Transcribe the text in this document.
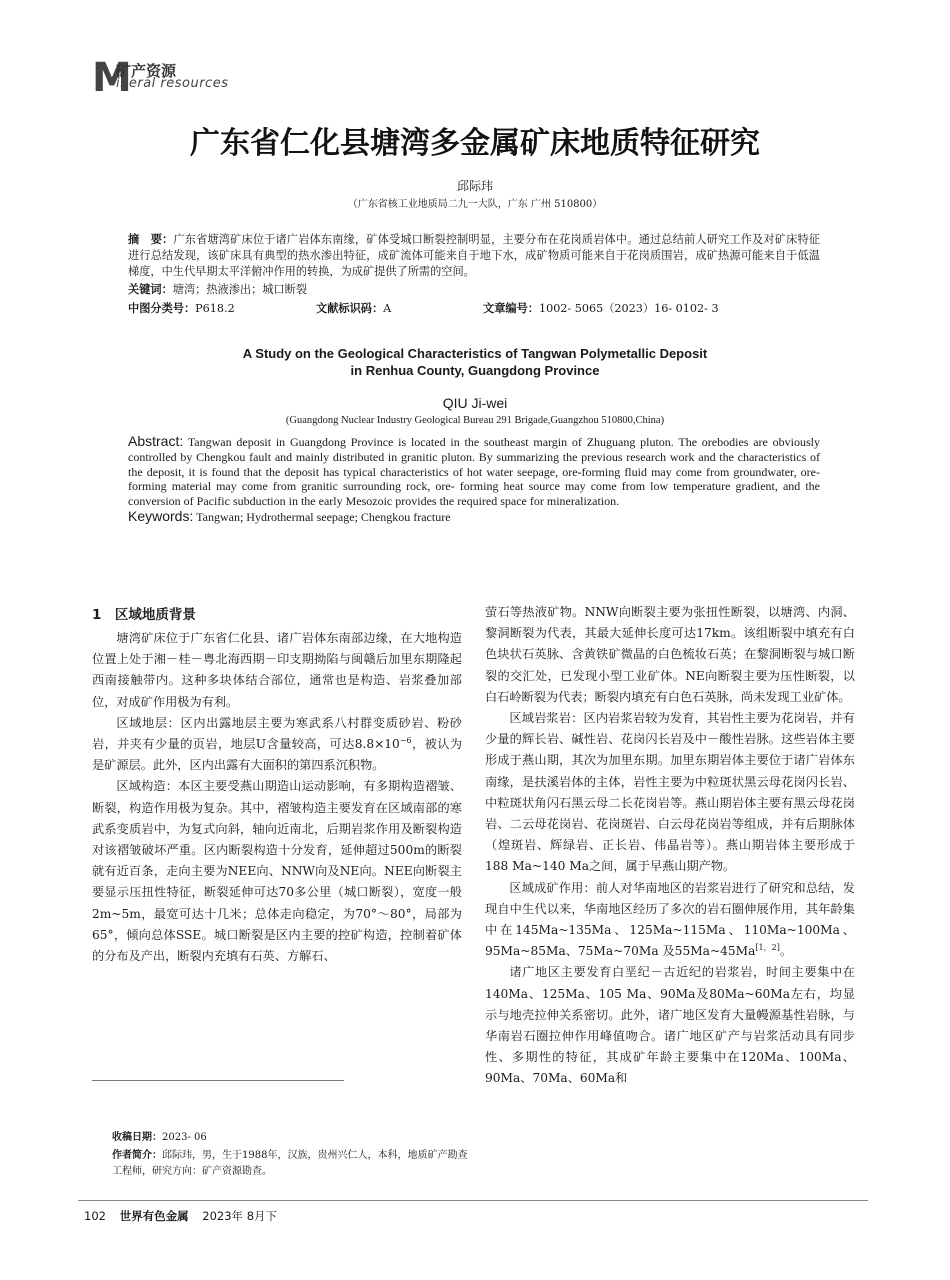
M
矿产资源
ineral resources
广东省仁化县塘湾多金属矿床地质特征研究
邱际玮
（广东省核工业地质局二九一大队，广东 广州 510800）
摘　要：广东省塘湾矿床位于诸广岩体东南缘，矿体受城口断裂控制明显，主要分布在花岗质岩体中。通过总结前人研究工作及对矿床特征进行总结发现，该矿床具有典型的热水渗出特征，成矿流体可能来自于地下水，成矿物质可能来自于花岗质围岩，成矿热源可能来自于低温梯度，中生代早期太平洋俯冲作用的转换，为成矿提供了所需的空间。
关键词：塘湾；热液渗出；城口断裂
中图分类号：P618.2	文献标识码：A	文章编号：1002- 5065（2023）16- 0102- 3
A Study on the Geological Characteristics of Tangwan Polymetallic Deposit
in Renhua County, Guangdong Province
QIU Ji-wei
(Guangdong Nuclear Industry Geological Bureau 291 Brigade,Guangzhou 510800,China)
Abstract: Tangwan deposit in Guangdong Province is located in the southeast margin of Zhuguang pluton. The orebodies are obviously controlled by Chengkou fault and mainly distributed in granitic pluton. By summarizing the previous research work and the characteristics of the deposit, it is found that the deposit has typical characteristics of hot water seepage, ore-forming fluid may come from groundwater, ore- forming material may come from granitic surrounding rock, ore- forming heat source may come from low temperature gradient, and the conversion of Pacific subduction in the early Mesozoic provides the required space for mineralization.
Keywords: Tangwan; Hydrothermal seepage; Chengkou fracture
1　区域地质背景

塘湾矿床位于广东省仁化县、诸广岩体东南部边缘，在大地构造位置上处于湘－桂－粤北海西期－印支期拗陷与闽赣后加里东期隆起西南接触带内。这种多块体结合部位，通常也是构造、岩浆叠加部位，对成矿作用极为有利。

区域地层：区内出露地层主要为寒武系八村群变质砂岩、粉砂岩，并夹有少量的页岩，地层U含量较高，可达$8.8\times 10^{-6}$，被认为是矿源层。此外，区内出露有大面积的第四系沉积物。

区域构造：本区主要受燕山期造山运动影响，有多期构造褶皱、断裂，构造作用极为复杂。其中，褶皱构造主要发育在区域南部的寒武系变质岩中，为复式向斜，轴向近南北，后期岩浆作用及断裂构造对该褶皱破坏严重。区内断裂构造十分发育，延伸超过500m的断裂就有近百条，走向主要为NEE向、NNW向及NE向。NEE向断裂主要显示压扭性特征，断裂延伸可达70多公里（城口断裂），宽度一般2m~5m，最宽可达十几米；总体走向稳定，为70°～80°，局部为65°，倾向总体SSE。城口断裂是区内主要的控矿构造，控制着矿体的分布及产出，断裂内充填有石英、方解石、

萤石等热液矿物。NNW向断裂主要为张扭性断裂，以塘湾、内洞、黎洞断裂为代表，其最大延伸长度可达17km。该组断裂中填充有白色块状石英脉、含黄铁矿微晶的白色梳妆石英；在黎洞断裂与城口断裂的交汇处，已发现小型工业矿体。NE向断裂主要为压性断裂，以白石岭断裂为代表；断裂内填充有白色石英脉，尚未发现工业矿体。

区域岩浆岩：区内岩浆岩较为发育，其岩性主要为花岗岩，并有少量的辉长岩、碱性岩、花岗闪长岩及中－酸性岩脉。这些岩体主要形成于燕山期，其次为加里东期。加里东期岩体主要位于诸广岩体东南缘，是扶溪岩体的主体，岩性主要为中粒斑状黑云母花岗闪长岩、中粒斑状角闪石黑云母二长花岗岩等。燕山期岩体主要有黑云母花岗岩、二云母花岗岩、花岗斑岩、白云母花岗岩等组成，并有后期脉体（煌斑岩、辉绿岩、正长岩、伟晶岩等）。燕山期岩体主要形成于188 Ma~140 Ma之间，属于早燕山期产物。

区域成矿作用：前人对华南地区的岩浆岩进行了研究和总结，发现自中生代以来，华南地区经历了多次的岩石圈伸展作用，其年龄集中在145Ma~135Ma、125Ma~115Ma、110Ma~100Ma、95Ma~85Ma、75Ma~70Ma 及55Ma~45Ma[1，2]。

诸广地区主要发育白垩纪－古近纪的岩浆岩，时间主要集中在140Ma、125Ma、105 Ma、90Ma及80Ma~60Ma左右，均显示与地壳拉伸关系密切。此外，诸广地区发育大量幔源基性岩脉，与华南岩石圈拉伸作用峰值吻合。诸广地区矿产与岩浆活动具有同步性、多期性的特征，其成矿年龄主要集中在120Ma、100Ma、90Ma、70Ma、60Ma和

收稿日期：2023- 06
作者简介：邱际玮，男，生于1988年，汉族，贵州兴仁人，本科，地质矿产勘查工程师，研究方向：矿产资源勘查。
102 世界有色金属 2023年 8月下
